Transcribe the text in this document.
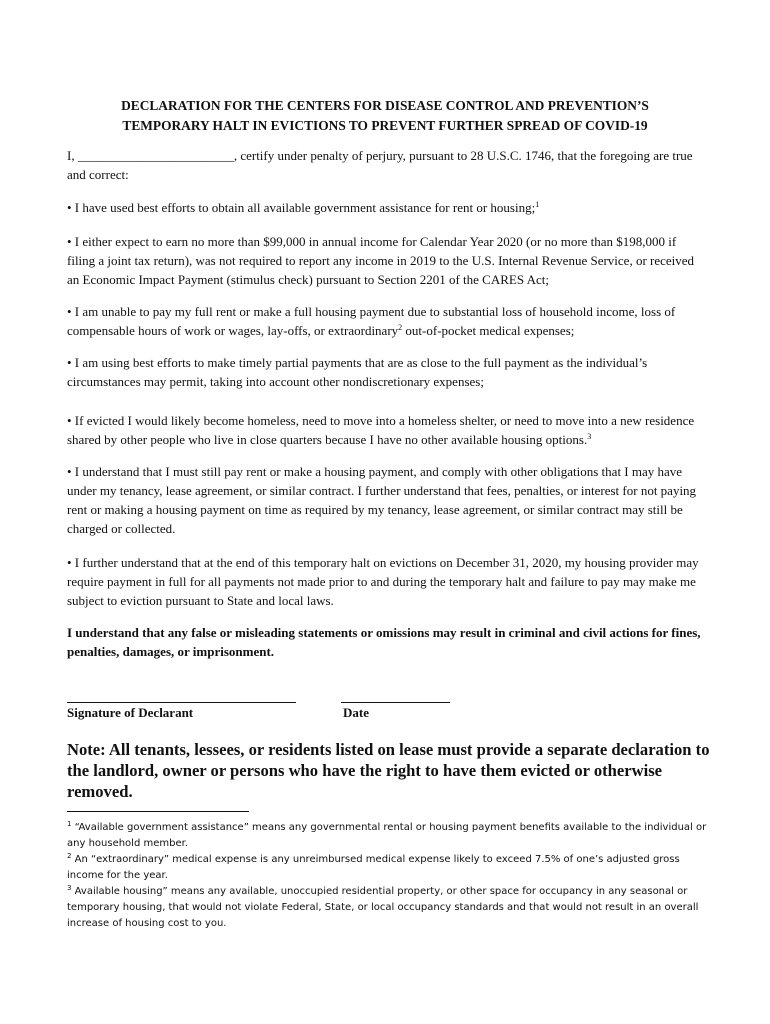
DECLARATION FOR THE CENTERS FOR DISEASE CONTROL AND PREVENTION’S
TEMPORARY HALT IN EVICTIONS TO PREVENT FURTHER SPREAD OF COVID-19
I, ________________________, certify under penalty of perjury, pursuant to 28 U.S.C. 1746, that the foregoing are true and correct:
• I have used best efforts to obtain all available government assistance for rent or housing;$^1$
• I either expect to earn no more than $99,000 in annual income for Calendar Year 2020 (or no more than $198,000 if filing a joint tax return), was not required to report any income in 2019 to the U.S. Internal Revenue Service, or received an Economic Impact Payment (stimulus check) pursuant to Section 2201 of the CARES Act;
• I am unable to pay my full rent or make a full housing payment due to substantial loss of household income, loss of compensable hours of work or wages, lay-offs, or extraordinary$^2$ out-of-pocket medical expenses;
• I am using best efforts to make timely partial payments that are as close to the full payment as the individual’s circumstances may permit, taking into account other nondiscretionary expenses;
• If evicted I would likely become homeless, need to move into a homeless shelter, or need to move into a new residence shared by other people who live in close quarters because I have no other available housing options.$^3$
• I understand that I must still pay rent or make a housing payment, and comply with other obligations that I may have under my tenancy, lease agreement, or similar contract. I further understand that fees, penalties, or interest for not paying rent or making a housing payment on time as required by my tenancy, lease agreement, or similar contract may still be charged or collected.
• I further understand that at the end of this temporary halt on evictions on December 31, 2020, my housing provider may require payment in full for all payments not made prior to and during the temporary halt and failure to pay may make me subject to eviction pursuant to State and local laws.
I understand that any false or misleading statements or omissions may result in criminal and civil actions for fines, penalties, damages, or imprisonment.
Signature of Declarant	Date
Note: All tenants, lessees, or residents listed on lease must provide a separate declaration to the landlord, owner or persons who have the right to have them evicted or otherwise removed.

$^1$ “Available government assistance” means any governmental rental or housing payment benefits available to the individual or any household member.

$^2$ An “extraordinary” medical expense is any unreimbursed medical expense likely to exceed 7.5% of one’s adjusted gross income for the year.

$^3$ Available housing” means any available, unoccupied residential property, or other space for occupancy in any seasonal or temporary housing, that would not violate Federal, State, or local occupancy standards and that would not result in an overall increase of housing cost to you.
